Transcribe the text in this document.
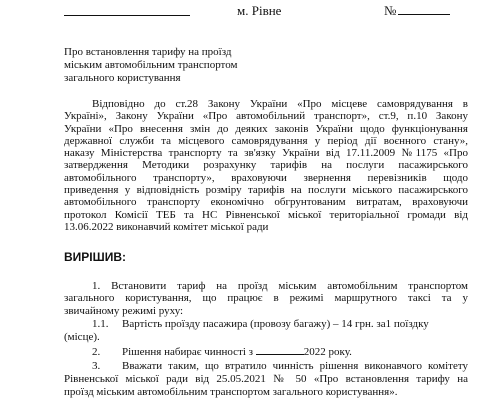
м. Рівне	№
Про встановлення тарифу на проїзд
міським автомобільним транспортом
загального користування
Відповідно до ст.28 Закону України «Про місцеве самоврядування в
Україні», Закону України «Про автомобільний транспорт», ст.9, п.10 Закону
України «Про внесення змін до деяких законів України щодо функціонування
державної служби та місцевого самоврядування у період дії воєнного стану»,
наказу Міністерства транспорту та зв'язку України від 17.11.2009 №1175 «Про
затвердження Методики розрахунку тарифів на послуги пасажирського
автомобільного транспорту», враховуючи звернення перевізників щодо
приведення у відповідність розміру тарифів на послуги міського пасажирського
автомобільного транспорту економічно обгрунтованим витратам, враховуючи
протокол Комісії ТЕБ та НС Рівненської міської територіальної громади від
13.06.2022 виконавчий комітет міської ради
ВИРІШИВ:
1. Встановити тариф на проїзд міським автомобільним транспортом
загального користування, що працює в режимі маршрутного таксі та у
звичайному режимі руху:
1.1. Вартість проїзду пасажира (провозу багажу) – 14 грн. за1 поїздку
(місце).
2. Рішення набирає чинності з	2022 року.
3. Вважати таким, що втратило чинність рішення виконавчого комітету
Рівненської міської ради від 25.05.2021 № 50 «Про встановлення тарифу на
проїзд міським автомобільним транспортом загального користування».
